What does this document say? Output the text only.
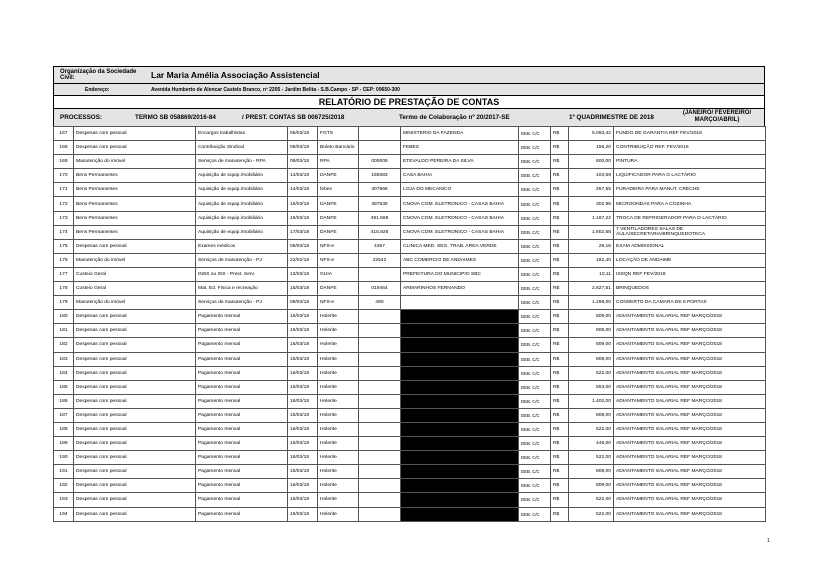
Organização da Sociedade Civil:	Lar Maria Amélia Associação Assistencial
Endereço:	Avenida Humberto de Alencar Castelo Branco, nº 2205 - Jardim Belita - S.B.Campo - SP - CEP: 09650-300
RELATÓRIO DE PRESTAÇÃO DE CONTAS
PROCESSOS:	TERMO SB 058869/2016-84	/ PREST. CONTAS SB 006725/2018	Termo de Colaboração nº 20/2017-SE	1º QUADRIMESTRE DE 2018
(JANEIRO/ FEVEREIRO/ MARÇO/ABRIL)
167	Despesas com pessoal	Encargos trabalhistas	05/03/18	FGTS		MINISTERIO DA FAZENDA	DEB. C/C	R$	5.093,42	FUNDO DE GARANTIA REF FEV/2018
168	Despesas com pessoal	Contribuição Sindical	08/03/18	Boleto Bancário		FEBES	DEB. C/C	R$	156,20	CONTRIBUIÇÃO REF. FEV/2018
169	Manutenção do imóvel	Serviços de manutenção - RPA	09/03/18	RPA	000009	ETEVALDO PEREIRA DA SILVA	DEB. C/C	R$	600,00	PINTURA
170	Bens Permanentes	Aquisição de equip./mobiliário	14/03/18	DANFE	159383	CASA BAHIA	DEB. C/C	R$	103,59	LIQUIFICADOR PARA O LACTÁRIO
171	Bens Permanentes	Aquisição de equip./mobiliário	14/03/18	febes	307666	LOJA DO MECANICO	DEB. C/C	R$	267,55	FURADEIRA PARA MANUT. CRECHE
172	Bens Permanentes	Aquisição de equip./mobiliário	16/03/18	DANFE	397539	CNOVA COM. ELETRONICO - CASAS BAHIA	DEB. C/C	R$	302,96	MICROONDAS PARA A COZINHA
173	Bens Permanentes	Aquisição de equip./mobiliário	16/03/18	DANFE	491.568	CNOVA COM. ELETRONICO - CASAS BAHIA	DEB. C/C	R$	1.167,22	TROCA DE REFRIGERADOR PARA O LACTÁRIO
174	Bens Permanentes	Aquisição de equip./mobiliário	17/03/18	DANFE	415.926	CNOVA COM. ELETRONICO - CASAS BAHIA	DEB. C/C	R$	1.602,58	7 VENTILADORES SALAS DE AULA/SECRETARIA/BRINQUEDOTECA
175	Despesas com pessoal	Exames médicos	06/03/18	NFS-e	4357	CLINICA MED. SEG. TRAB. AREA VERDE	DEB. C/C	R$	29,16	EXAM ADMISSIONAL
176	Manutenção do imóvel	Serviços de manutenção - PJ	22/02/18	NFS-e	22542	ABC COMERCIO DE ANDAIMES	DEB. C/C	R$	182,40	LOCAÇÃO DE ANDAIME
177	Custeio Geral	INSS ou ISS - Prest. Serv.	13/03/18	GUIA		PREFEITURA DO MUNICIPIO SBC	DEB. C/C	R$	10,11	ISSQN REF FEV/2018
178	Custeio Geral	Mat. Ed. Física e recreação	15/03/18	DANFE	019464	ARMARINHOS FERNANDO	DEB. C/C	R$	2.827,51	BRINQUEDOS
179	Manutenção do imóvel	Serviços de manutenção - PJ	08/03/18	NFS-e	490		DEB. C/C	R$	1.298,00	CONSERTO DA CAMARA DE 6 PORTAS
180	Despesas com pessoal	Pagamento mensal	16/03/18	Holerite			DEB. C/C	R$	809,00	ADIANTAMENTO SALARIAL REF MARÇO/2018
181	Despesas com pessoal	Pagamento mensal	16/03/18	Holerite			DEB. C/C	R$	809,00	ADIANTAMENTO SALARIAL REF MARÇO/2018
182	Despesas com pessoal	Pagamento mensal	16/03/18	Holerite			DEB. C/C	R$	809,00	ADIANTAMENTO SALARIAL REF MARÇO/2018
183	Despesas com pessoal	Pagamento mensal	16/03/18	Holerite			DEB. C/C	R$	809,00	ADIANTAMENTO SALARIAL REF MARÇO/2018
184	Despesas com pessoal	Pagamento mensal	16/03/18	Holerite			DEB. C/C	R$	522,00	ADIANTAMENTO SALARIAL REF MARÇO/2018
185	Despesas com pessoal	Pagamento mensal	16/03/18	Holerite			DEB. C/C	R$	553,00	ADIANTAMENTO SALARIAL REF MARÇO/2018
186	Despesas com pessoal	Pagamento mensal	16/03/18	Holerite			DEB. C/C	R$	1.402,00	ADIANTAMENTO SALARIAL REF MARÇO/2018
187	Despesas com pessoal	Pagamento mensal	16/03/18	Holerite			DEB. C/C	R$	809,00	ADIANTAMENTO SALARIAL REF MARÇO/2018
188	Despesas com pessoal	Pagamento mensal	16/03/18	Holerite			DEB. C/C	R$	522,00	ADIANTAMENTO SALARIAL REF MARÇO/2018
189	Despesas com pessoal	Pagamento mensal	16/03/18	Holerite			DEB. C/C	R$	448,00	ADIANTAMENTO SALARIAL REF MARÇO/2018
190	Despesas com pessoal	Pagamento mensal	16/03/18	Holerite			DEB. C/C	R$	522,00	ADIANTAMENTO SALARIAL REF MARÇO/2018
191	Despesas com pessoal	Pagamento mensal	16/03/18	Holerite			DEB. C/C	R$	809,00	ADIANTAMENTO SALARIAL REF MARÇO/2018
192	Despesas com pessoal	Pagamento mensal	16/03/18	Holerite			DEB. C/C	R$	809,00	ADIANTAMENTO SALARIAL REF MARÇO/2018
193	Despesas com pessoal	Pagamento mensal	16/03/18	Holerite			DEB. C/C	R$	522,00	ADIANTAMENTO SALARIAL REF MARÇO/2018
194	Despesas com pessoal	Pagamento mensal	16/03/18	Holerite			DEB. C/C	R$	522,00	ADIANTAMENTO SALARIAL REF MARÇO/2018
1
